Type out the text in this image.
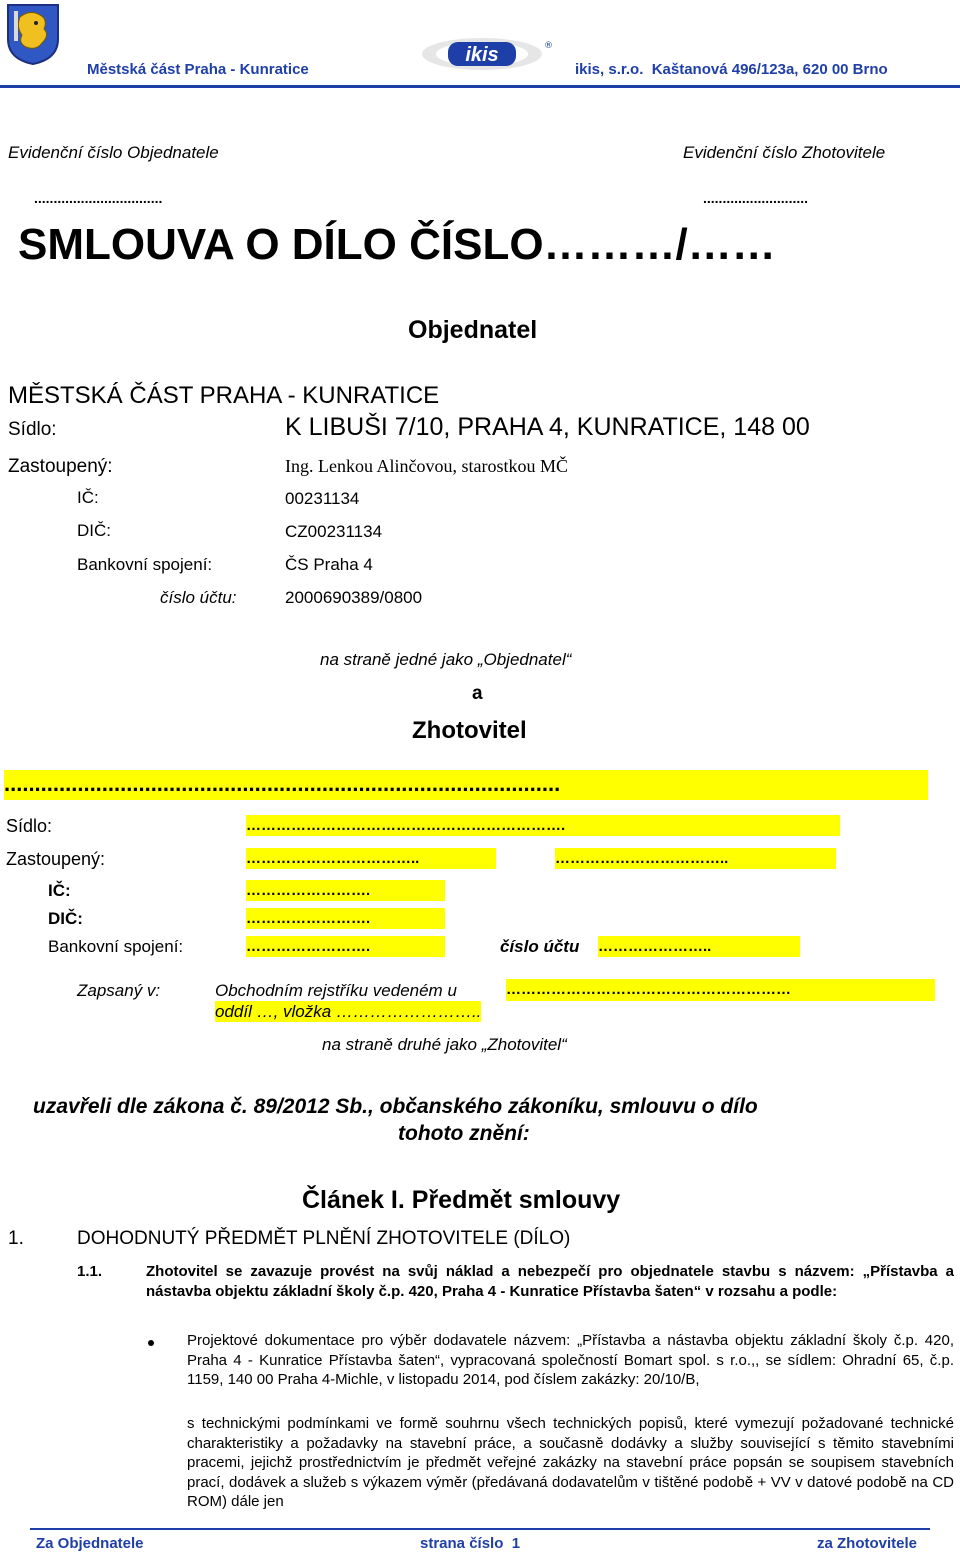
Městská část Praha - Kunratice
ikis	®
ikis, s.r.o.  Kaštanová 496/123a, 620 00 Brno
Evidenční číslo Objednatele
.................................
Evidenční číslo Zhotovitele
...........................
SMLOUVA O DÍLO ČÍSLO………/……
Objednatel
MĚSTSKÁ ČÁST PRAHA - KUNRATICE
Sídlo:	K LIBUŠI 7/10, PRAHA 4, KUNRATICE, 148 00
Zastoupený:	Ing. Lenkou Alinčovou, starostkou MČ
IČ:	00231134
DIČ:	CZ00231134
Bankovní spojení:	ČS Praha 4
číslo účtu:	2000690389/0800
na straně jedné jako „Objednatel“
a
Zhotovitel
...........................................................................................
Sídlo:	……………………………………………………….
Zastoupený:	……………………………..	……………………………..
IČ:	…………………….
DIČ:	…………………….
Bankovní spojení:	…………………….	číslo účtu …………………..
Zapsaný v:	Obchodním rejstříku vedeném u	…………………………………………………
oddíl …, vložka ……………………..
na straně druhé jako „Zhotovitel“
uzavřeli dle zákona č. 89/2012 Sb., občanského zákoníku, smlouvu o dílo
tohoto znění:
Článek I. Předmět smlouvy
1.	DOHODNUTÝ PŘEDMĚT PLNĚNÍ ZHOTOVITELE (DÍLO)
1.1.	Zhotovitel se zavazuje provést na svůj náklad a nebezpečí pro objednatele stavbu s názvem: „Přístavba a nástavba objektu základní školy č.p. 420, Praha 4 - Kunratice Přístavba šaten“ v rozsahu a podle:
Projektové dokumentace pro výběr dodavatele názvem: „Přístavba a nástavba objektu základní školy č.p. 420, Praha 4 - Kunratice Přístavba šaten“, vypracovaná společností Bomart spol. s r.o.,, se sídlem: Ohradní 65, č.p. 1159, 140 00 Praha 4-Michle, v listopadu 2014, pod číslem zakázky: 20/10/B,
s technickými podmínkami ve formě souhrnu všech technických popisů, které vymezují požadované technické charakteristiky a požadavky na stavební práce, a současně dodávky a služby související s těmito stavebními pracemi, jejichž prostřednictvím je předmět veřejné zakázky na stavební práce popsán se soupisem stavebních prací, dodávek a služeb s výkazem výměr (předávaná dodavatelům v tištěné podobě + VV v datové podobě na CD ROM) dále jen
Za Objednatele	strana číslo  1	za Zhotovitele
